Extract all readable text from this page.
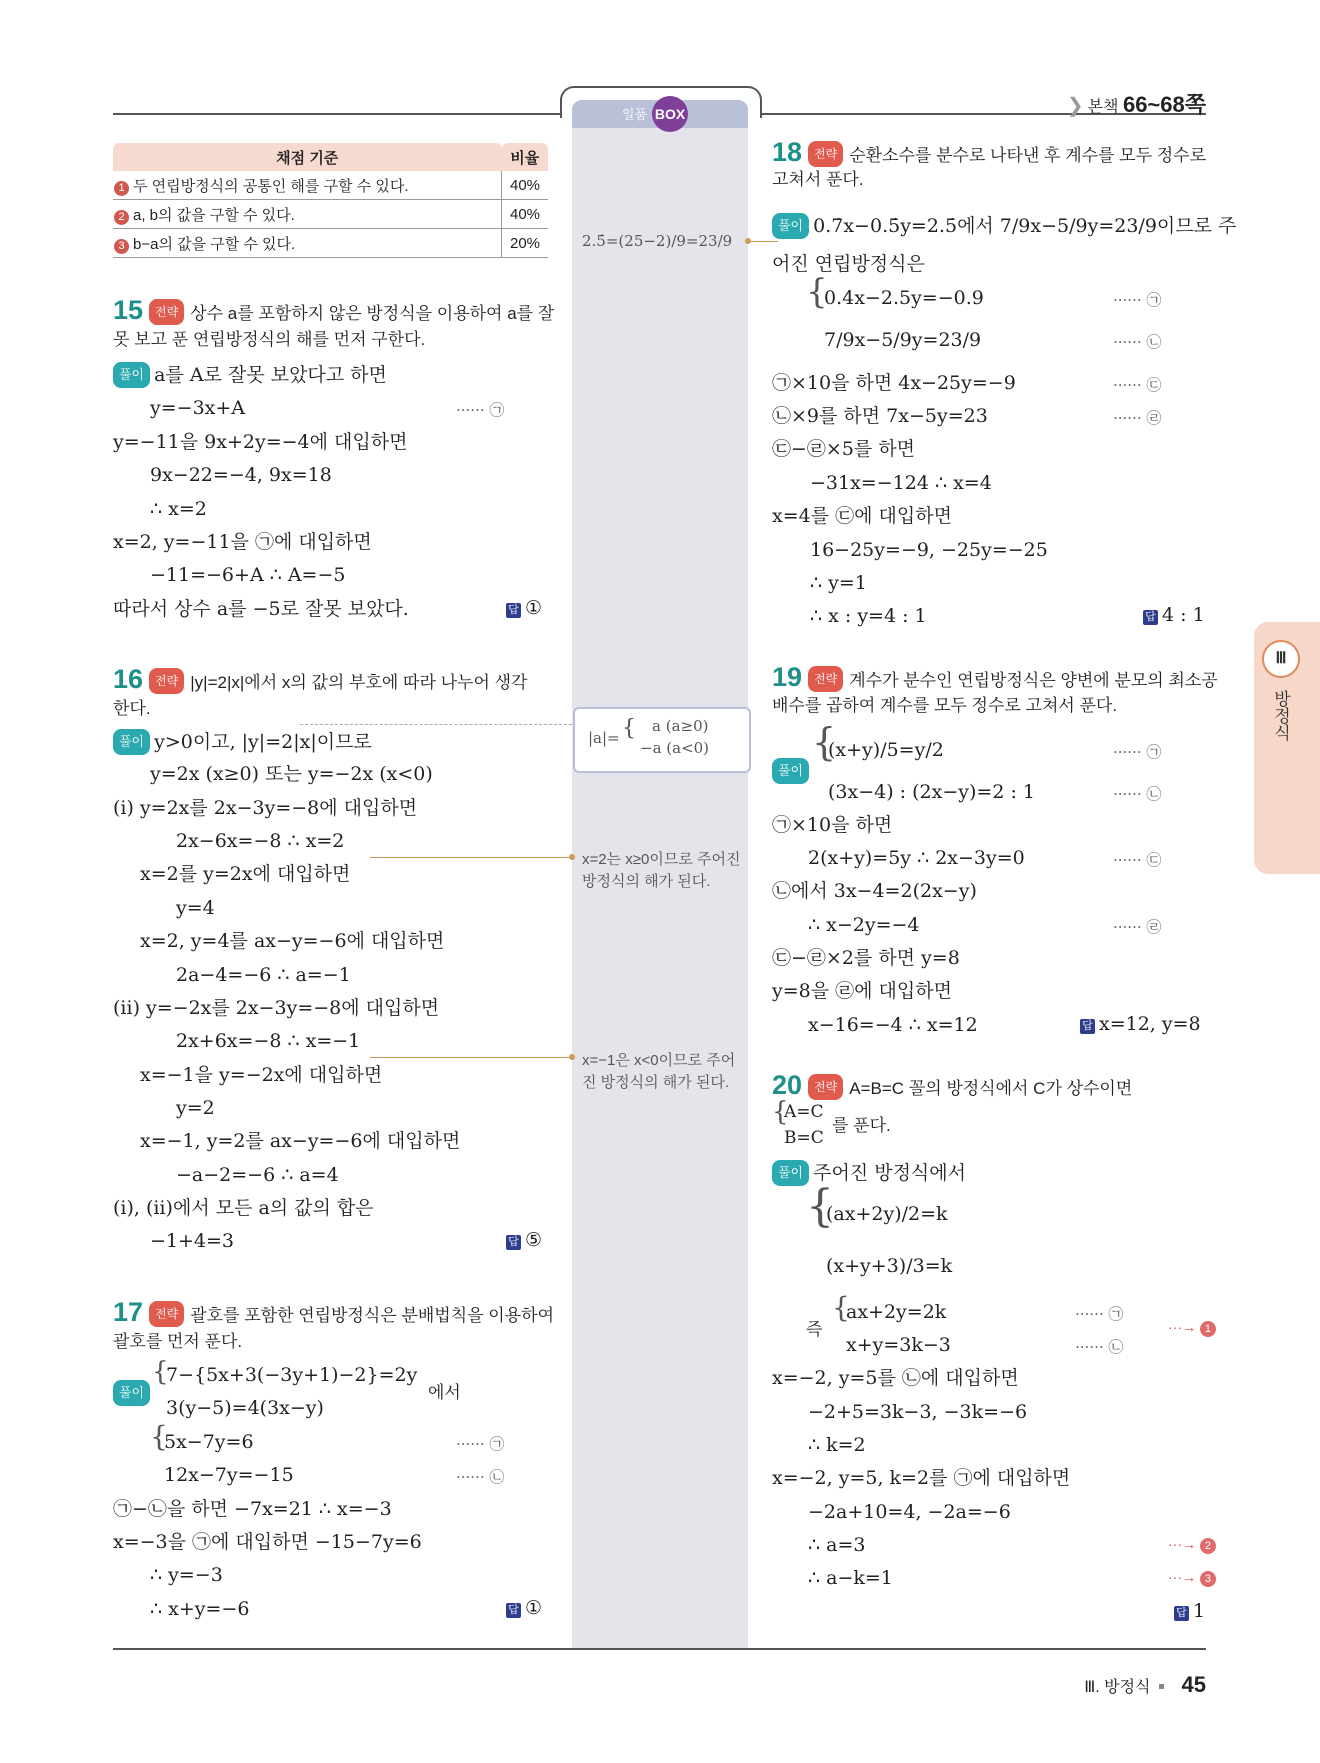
일품 BOX	❯ 본책 66~68쪽
채점 기준	비율
1 두 연립방정식의 공통인 해를 구할 수 있다.	40%
2 a, b의 값을 구할 수 있다.	40%
3 b−a의 값을 구할 수 있다.	20%
15 전략 상수 a를 포함하지 않은 방정식을 이용하여 a를 잘
못 보고 푼 연립방정식의 해를 먼저 구한다.
풀이 a를 A로 잘못 보았다고 하면
y=−3x+A	······ ㉠
y=−11을 9x+2y=−4에 대입하면
9x−22=−4, 9x=18
∴ x=2
x=2, y=−11을 ㉠에 대입하면
−11=−6+A ∴ A=−5
따라서 상수 a를 −5로 잘못 보았다.	답 ①
16 전략 |y|=2|x|에서 x의 값의 부호에 따라 나누어 생각
한다.
풀이 y>0이고, |y|=2|x|이므로
y=2x (x≥0) 또는 y=−2x (x<0)
(ⅰ) y=2x를 2x−3y=−8에 대입하면
2x−6x=−8 ∴ x=2
x=2를 y=2x에 대입하면
y=4
x=2, y=4를 ax−y=−6에 대입하면
2a−4=−6 ∴ a=−1
(ⅱ) y=−2x를 2x−3y=−8에 대입하면
2x+6x=−8 ∴ x=−1
x=−1을 y=−2x에 대입하면
y=2
x=−1, y=2를 ax−y=−6에 대입하면
−a−2=−6 ∴ a=4
(ⅰ), (ⅱ)에서 모든 a의 값의 합은
−1+4=3	답 ⑤
17 전략 괄호를 포함한 연립방정식은 분배법칙을 이용하여
괄호를 먼저 푼다.
풀이
{
7−{5x+3(−3y+1)−2}=2y
3(y−5)=4(3x−y)
에서
{
5x−7y=6	······ ㉠
12x−7y=−15	······ ㉡
㉠−㉡을 하면 −7x=21 ∴ x=−3
x=−3을 ㉠에 대입하면 −15−7y=6
∴ y=−3
∴ x+y=−6	답 ①
2.5̇=(25−2)/9=23/9
|a|= { a (a≥0)
−a (a<0)
x=2는 x≥0이므로 주어진 방정식의 해가 된다.
x=−1은 x<0이므로 주어진 방정식의 해가 된다.
18 전략 순환소수를 분수로 나타낸 후 계수를 모두 정수로
고쳐서 푼다.
풀이 0.7̇x−0.5̇y=2.5̇에서 7/9x−5/9y=23/9이므로 주
어진 연립방정식은
{
0.4x−2.5y=−0.9	······ ㉠
7/9x−5/9y=23/9	······ ㉡
㉠×10을 하면 4x−25y=−9	······ ㉢
㉡×9를 하면 7x−5y=23	······ ㉣
㉢−㉣×5를 하면
−31x=−124 ∴ x=4
x=4를 ㉢에 대입하면
16−25y=−9, −25y=−25
∴ y=1
∴ x : y=4 : 1	답 4 : 1
19 전략 계수가 분수인 연립방정식은 양변에 분모의 최소공
배수를 곱하여 계수를 모두 정수로 고쳐서 푼다.
풀이
{
(x+y)/5=y/2	······ ㉠
(3x−4) : (2x−y)=2 : 1	······ ㉡
㉠×10을 하면
2(x+y)=5y ∴ 2x−3y=0	······ ㉢
㉡에서 3x−4=2(2x−y)
∴ x−2y=−4	······ ㉣
㉢−㉣×2를 하면 y=8
y=8을 ㉣에 대입하면
x−16=−4 ∴ x=12	답 x=12, y=8
20 전략 A=B=C 꼴의 방정식에서 C가 상수이면
{
A=C
B=C
를 푼다.
풀이 주어진 방정식에서
{
(ax+2y)/2=k
(x+y+3)/3=k
즉
{
ax+2y=2k	······ ㉠
x+y=3k−3	······ ㉡
···→ 1
x=−2, y=5를 ㉡에 대입하면
−2+5=3k−3, −3k=−6
∴ k=2
x=−2, y=5, k=2를 ㉠에 대입하면
−2a+10=4, −2a=−6
∴ a=3	···→ 2
∴ a−k=1	···→ 3
답 1
Ⅲ
방정식
Ⅲ. 방정식 45
